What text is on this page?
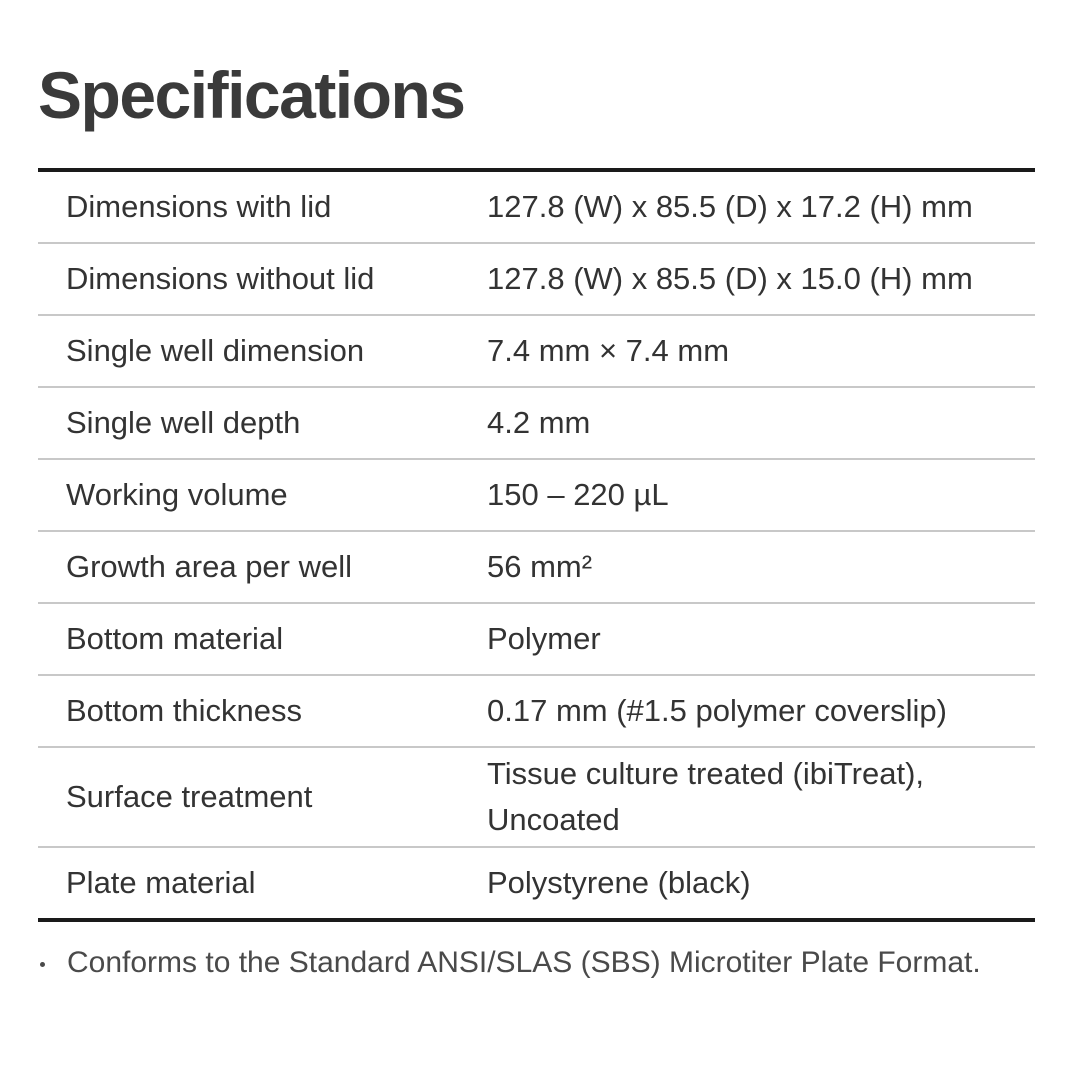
Specifications
Dimensions with lid	127.8 (W) x 85.5 (D) x 17.2 (H) mm
Dimensions without lid	127.8 (W) x 85.5 (D) x 15.0 (H) mm
Single well dimension	7.4 mm × 7.4 mm
Single well depth	4.2 mm
Working volume	150 – 220 µL
Growth area per well	56 mm²
Bottom material	Polymer
Bottom thickness	0.17 mm (#1.5 polymer coverslip)
Surface treatment	Tissue culture treated (ibiTreat),
Uncoated

Plate material	Polystyrene (black)
Conforms to the Standard ANSI/SLAS (SBS) Microtiter Plate Format.
